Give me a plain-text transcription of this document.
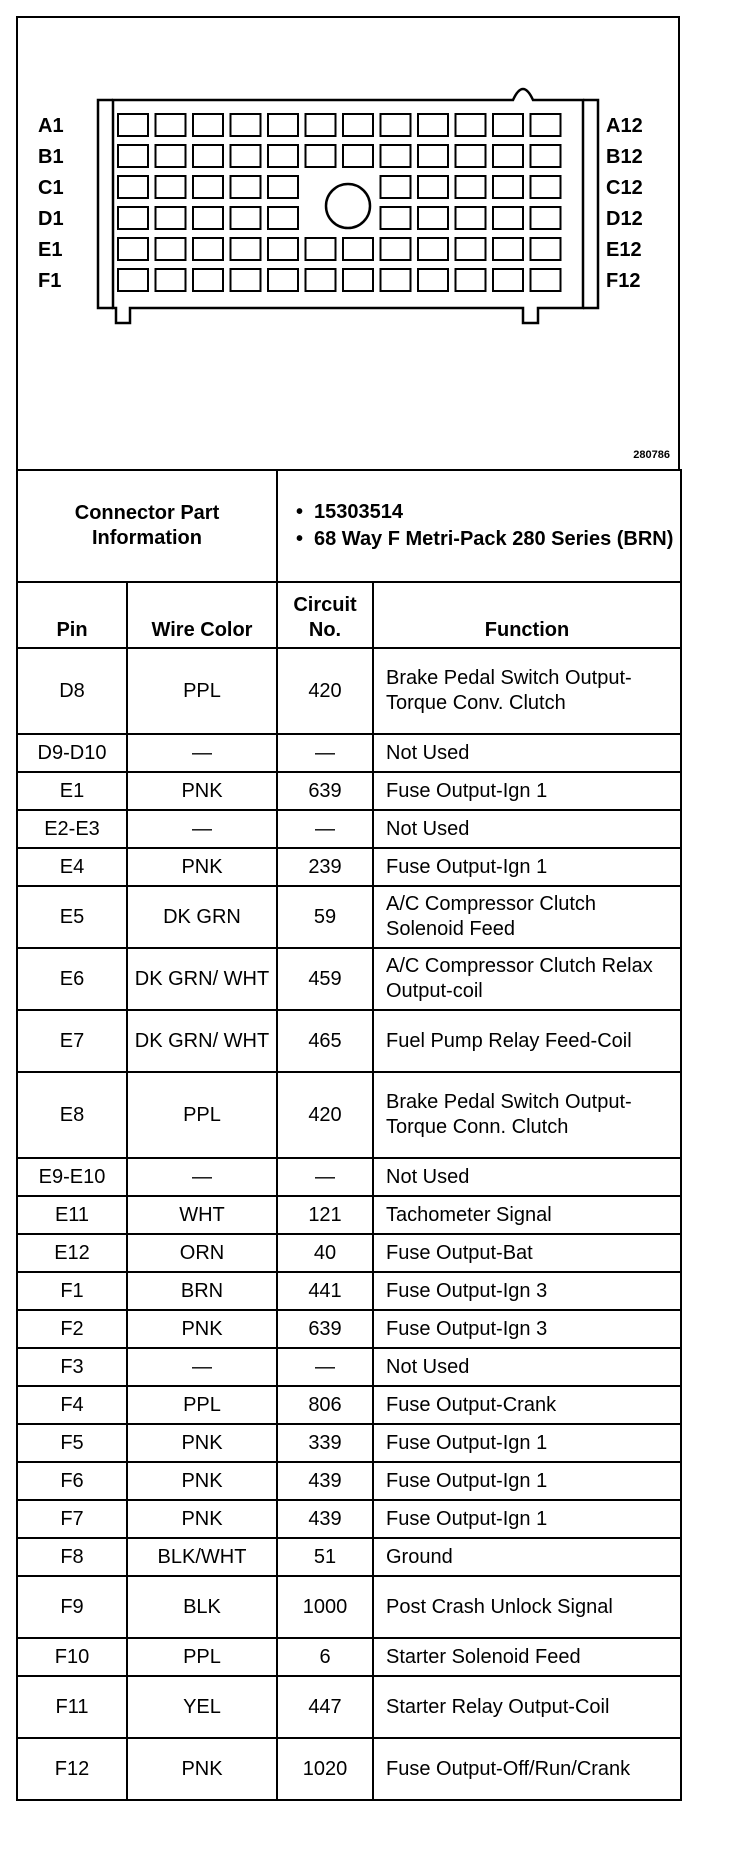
A1
B1
C1
D1
E1
F1
A12
B12
C12
D12
E12
F12
280786
Connector Part Information	
• 15303514
• 68 Way F Metri-Pack 280 Series (BRN)
Pin	Wire Color	Circuit No.	Function
D8	PPL	420	Brake Pedal Switch Output-Torque Conv. Clutch
D9-D10	—	—	Not Used
E1	PNK	639	Fuse Output-Ign 1
E2-E3	—	—	Not Used
E4	PNK	239	Fuse Output-Ign 1
E5	DK GRN	59	A/C Compressor Clutch Solenoid Feed
E6	DK GRN/ WHT	459	A/C Compressor Clutch Relax Output-coil
E7	DK GRN/ WHT	465	Fuel Pump Relay Feed-Coil
E8	PPL	420	Brake Pedal Switch Output-Torque Conn. Clutch
E9-E10	—	—	Not Used
E11	WHT	121	Tachometer Signal
E12	ORN	40	Fuse Output-Bat
F1	BRN	441	Fuse Output-Ign 3
F2	PNK	639	Fuse Output-Ign 3
F3	—	—	Not Used
F4	PPL	806	Fuse Output-Crank
F5	PNK	339	Fuse Output-Ign 1
F6	PNK	439	Fuse Output-Ign 1
F7	PNK	439	Fuse Output-Ign 1
F8	BLK/WHT	51	Ground
F9	BLK	1000	Post Crash Unlock Signal
F10	PPL	6	Starter Solenoid Feed
F11	YEL	447	Starter Relay Output-Coil
F12	PNK	1020	Fuse Output-Off/Run/Crank
